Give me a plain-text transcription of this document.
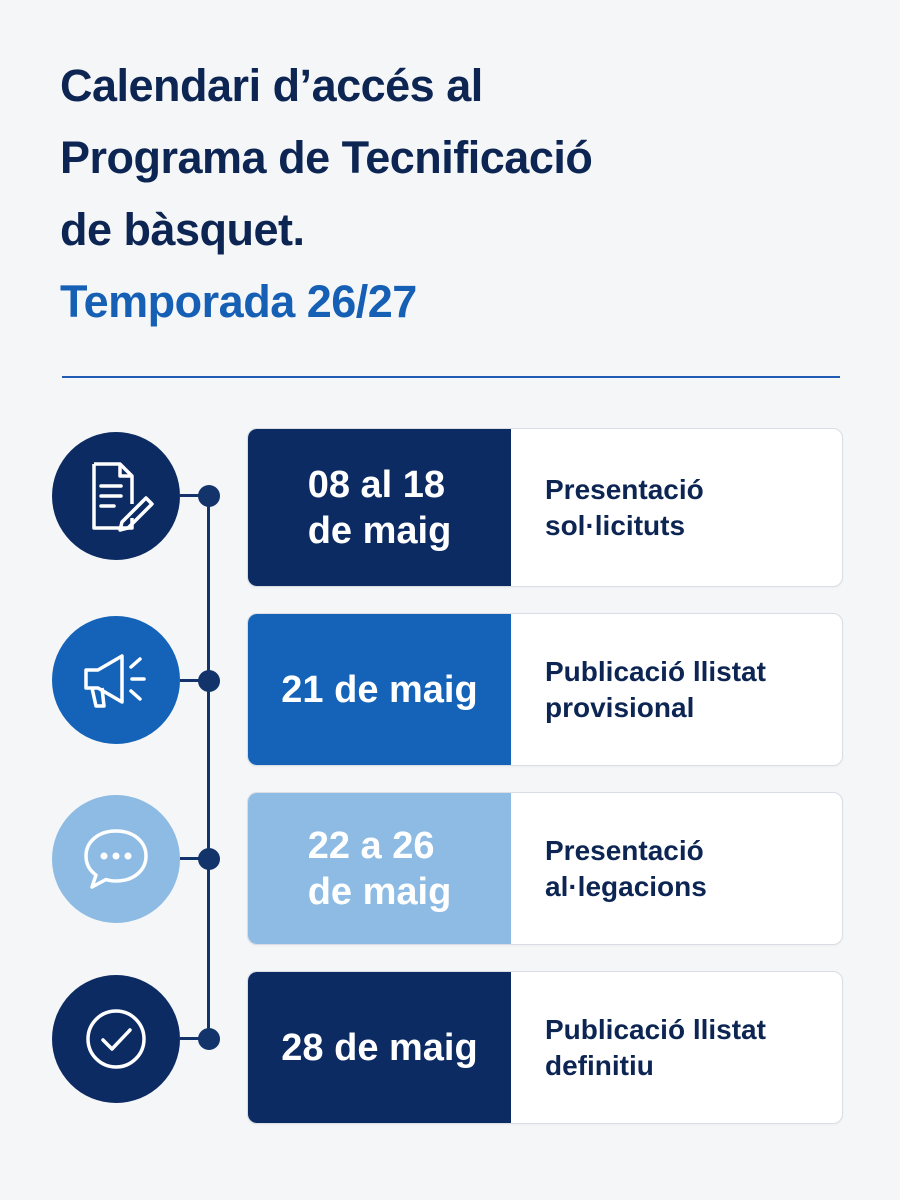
Calendari d’accés al
Programa de Tecnificació
de bàsquet.
Temporada 26/27
08 al 18
de maig
Presentació
sol·licituts
21 de maig Publicació llistat
provisional
22 a 26
de maig
Presentació
al·legacions
28 de maig Publicació llistat
definitiu
